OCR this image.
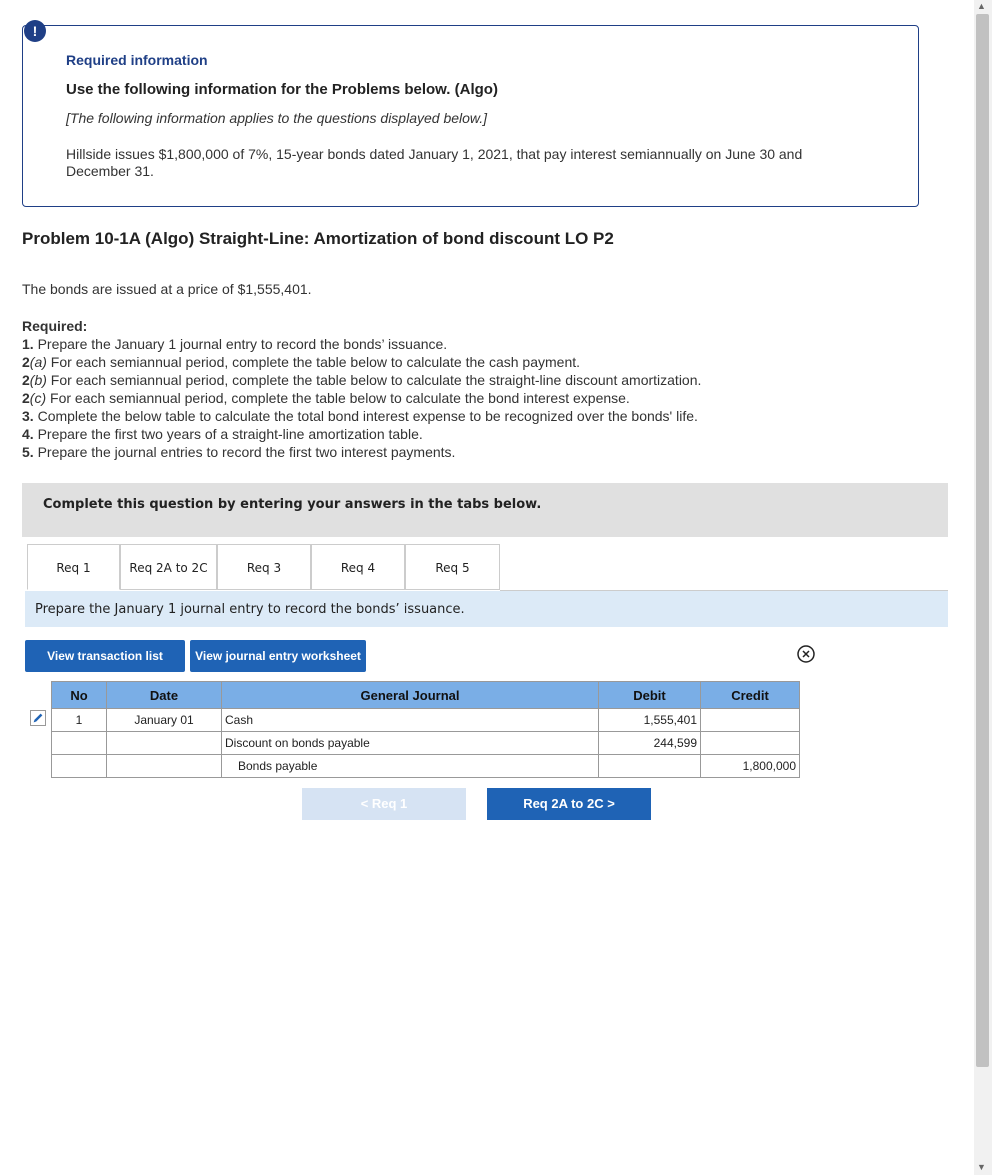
!
Required information
Use the following information for the Problems below. (Algo)
[The following information applies to the questions displayed below.]
Hillside issues $1,800,000 of 7%, 15-year bonds dated January 1, 2021, that pay interest semiannually on June 30 and December 31.
Problem 10-1A (Algo) Straight-Line: Amortization of bond discount LO P2
The bonds are issued at a price of $1,555,401.
Required:
1. Prepare the January 1 journal entry to record the bonds’ issuance.
2(a) For each semiannual period, complete the table below to calculate the cash payment.
2(b) For each semiannual period, complete the table below to calculate the straight-line discount amortization.
2(c) For each semiannual period, complete the table below to calculate the bond interest expense.
3. Complete the below table to calculate the total bond interest expense to be recognized over the bonds' life.
4. Prepare the first two years of a straight-line amortization table.
5. Prepare the journal entries to record the first two interest payments.
Complete this question by entering your answers in the tabs below.
Req 1	Req 2A to 2C	Req 3	Req 4	Req 5
Prepare the January 1 journal entry to record the bonds’ issuance.
View transaction list	View journal entry worksheet
No	Date	General Journal	Debit	Credit
1	January 01	Cash	1,555,401	
		Discount on bonds payable	244,599	
		Bonds payable		1,800,000
< Req 1	Req 2A to 2C >
▲
▼
